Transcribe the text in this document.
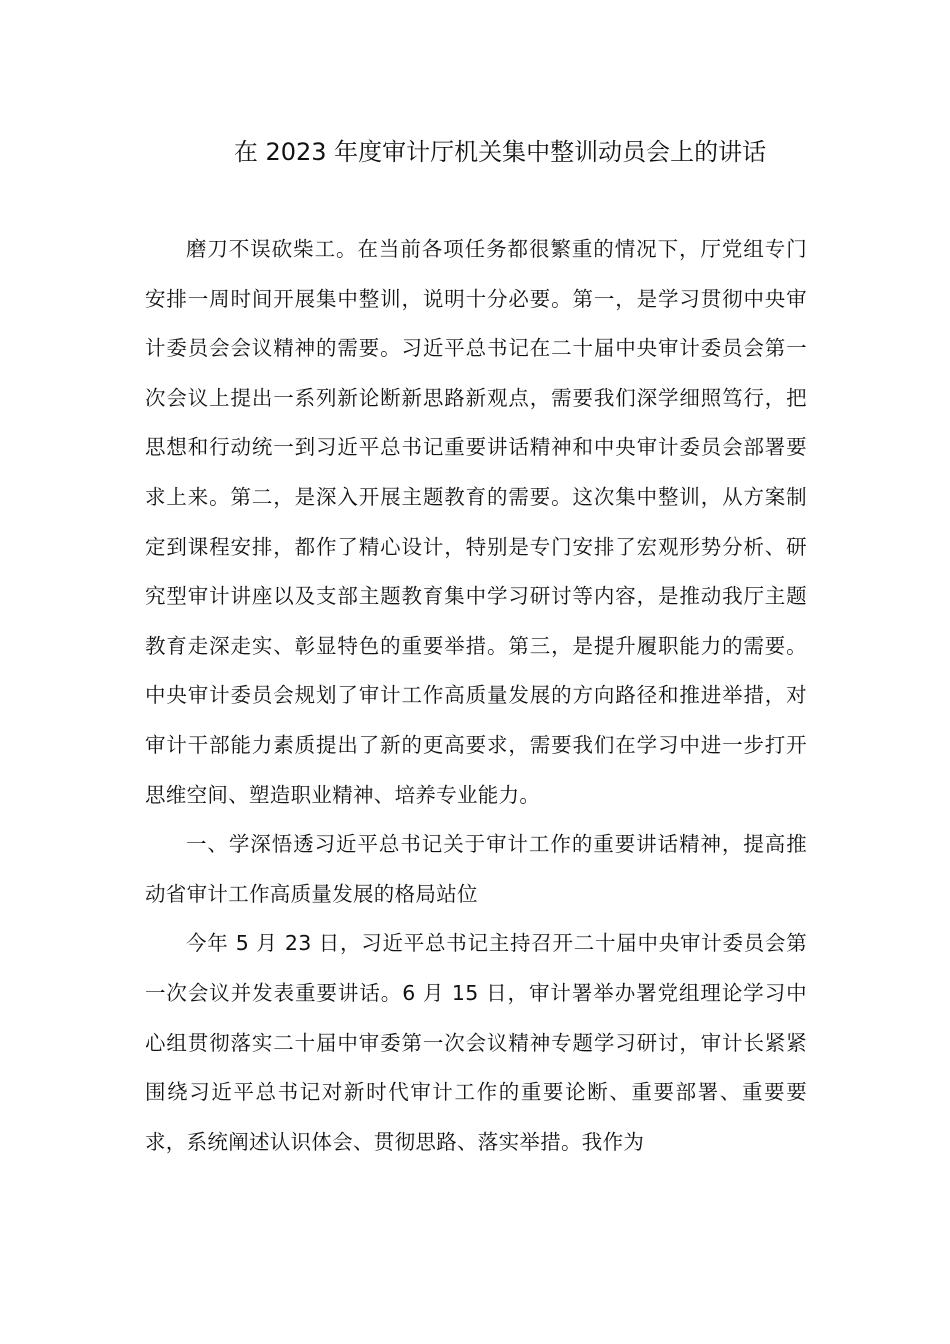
在 2023 年度审计厅机关集中整训动员会上的讲话

磨刀不误砍柴工。在当前各项任务都很繁重的情况下，厅党组专门安排一周时间开展集中整训，说明十分必要。第一，是学习贯彻中央审计委员会会议精神的需要。习近平总书记在二十届中央审计委员会第一次会议上提出一系列新论断新思路新观点，需要我们深学细照笃行，把思想和行动统一到习近平总书记重要讲话精神和中央审计委员会部署要求上来。第二，是深入开展主题教育的需要。这次集中整训，从方案制定到课程安排，都作了精心设计，特别是专门安排了宏观形势分析、研究型审计讲座以及支部主题教育集中学习研讨等内容，是推动我厅主题教育走深走实、彰显特色的重要举措。第三，是提升履职能力的需要。中央审计委员会规划了审计工作高质量发展的方向路径和推进举措，对审计干部能力素质提出了新的更高要求，需要我们在学习中进一步打开思维空间、塑造职业精神、培养专业能力。

一、学深悟透习近平总书记关于审计工作的重要讲话精神，提高推动省审计工作高质量发展的格局站位

今年 5 月 23 日，习近平总书记主持召开二十届中央审计委员会第一次会议并发表重要讲话。6 月 15 日，审计署举办署党组理论学习中心组贯彻落实二十届中审委第一次会议精神专题学习研讨，审计长紧紧围绕习近平总书记对新时代审计工作的重要论断、重要部署、重要要求，系统阐述认识体会、贯彻思路、落实举措。我作为
